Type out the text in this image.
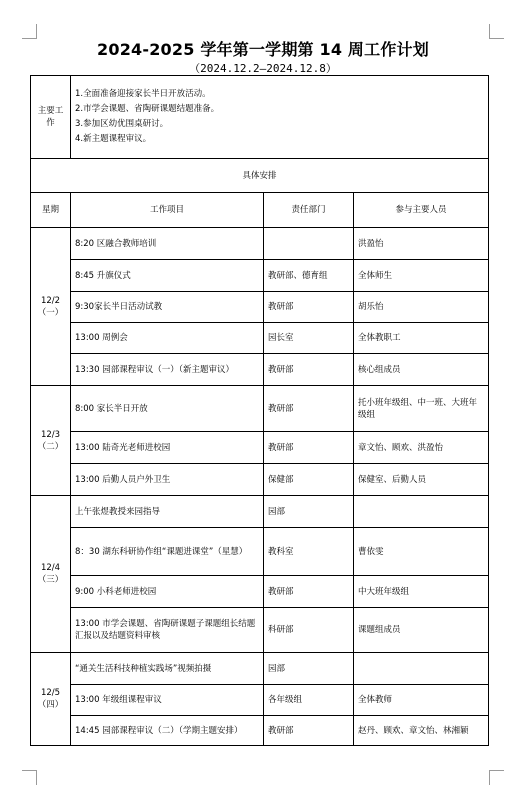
2024-2025 学年第一学期第 14 周工作计划
（2024.12.2—2024.12.8）
主要工作	1.全面准备迎接家长半日开放活动。
2.市学会课题、省陶研课题结题准备。
3.参加区幼优围桌研讨。
4.新主题课程审议。		

具体安排			
星期	工作项目	责任部门	参与主要人员

12/2
（一）	8:20 区融合教师培训		洪盈怡
	8:45 升旗仪式	教研部、德育组	全体师生
	9:30家长半日活动试教	教研部	胡乐怡
	13:00 周例会	园长室	全体教职工
	13:30 园部课程审议（一）（新主题审议）	教研部	核心组成员

12/3
（二）	8:00 家长半日开放	教研部	托小班年级组、中一班、大班年级组
	13:00 陆奇光老师进校园	教研部	章文怡、顾欢、洪盈怡
	13:00 后勤人员户外卫生	保健部	保健室、后勤人员

12/4
（三）	上午张煜教授来园指导	园部	
	8：30 湖东科研协作组“课题进课堂”（星慧）	教科室	曹依雯
	9:00 小科老师进校园	教研部	中大班年级组
	13:00 市学会课题、省陶研课题子课题组长结题汇报以及结题资料审核	科研部	课题组成员

12/5
（四）	“通关生活科技种植实践场”视频拍摄	园部	
	13:00 年级组课程审议	各年级组	全体教师
	14:45 园部课程审议（二）（学期主题安排）	教研部	赵丹、顾欢、章文怡、林湘颖
